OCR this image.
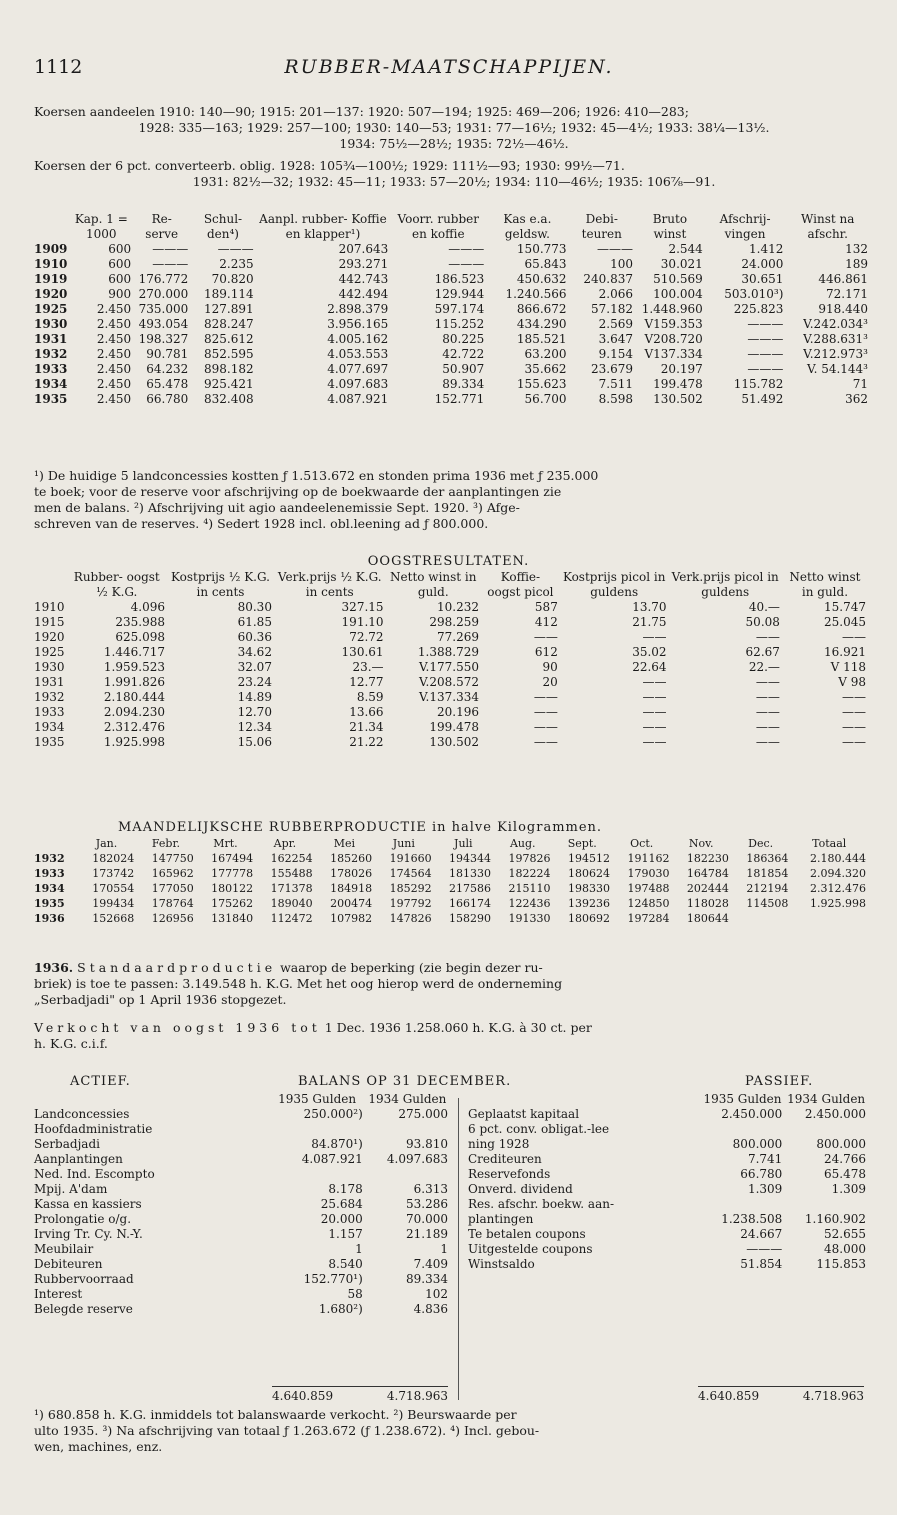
1112	RUBBER-MAATSCHAPPIJEN.

Koersen aandeelen 1910: 140—90; 1915: 201—137: 1920: 507—194; 1925: 469—206; 1926: 410—283;

1928: 335—163; 1929: 257—100; 1930: 140—53; 1931: 77—16½; 1932: 45—4½; 1933: 38¼—13½.

1934: 75½—28½; 1935: 72½—46½.

Koersen der 6 pct. converteerb. oblig. 1928: 105¾—100½; 1929: 111½—93; 1930: 99½—71.

1931: 82½—32; 1932: 45—11; 1933: 57—20½; 1934: 110—46½; 1935: 106⅞—91.

	Kap. 1 = 1000	Re- serve	Schul- den⁴)	Aanpl. rubber- Koffie en klapper¹)	Voorr. rubber en koffie	Kas e.a. geldsw.	Debi- teuren	Bruto winst	Afschrij- vingen	Winst na afschr.
1909	600	———	———	207.643	———	150.773	———	2.544	1.412	132
1910	600	———	2.235	293.271	———	65.843	100	30.021	24.000	189
1919	600	176.772	70.820	442.743	186.523	450.632	240.837	510.569	30.651	446.861
1920	900	270.000	189.114	442.494	129.944	1.240.566	2.066	100.004	503.010³)	72.171
1925	2.450	735.000	127.891	2.898.379	597.174	866.672	57.182	1.448.960	225.823	918.440
1930	2.450	493.054	828.247	3.956.165	115.252	434.290	2.569	V159.353	———	V.242.034³
1931	2.450	198.327	825.612	4.005.162	80.225	185.521	3.647	V208.720	———	V.288.631³
1932	2.450	90.781	852.595	4.053.553	42.722	63.200	9.154	V137.334	———	V.212.973³
1933	2.450	64.232	898.182	4.077.697	50.907	35.662	23.679	20.197	———	V. 54.144³
1934	2.450	65.478	925.421	4.097.683	89.334	155.623	7.511	199.478	115.782	71
1935	2.450	66.780	832.408	4.087.921	152.771	56.700	8.598	130.502	51.492	362

¹) De huidige 5 landconcessies kostten ƒ 1.513.672 en stonden prima 1936 met ƒ 235.000

te boek; voor de reserve voor afschrijving op de boekwaarde der aanplantingen zie

men de balans. ²) Afschrijving uit agio aandeelenemissie Sept. 1920. ³) Afge-

schreven van de reserves. ⁴) Sedert 1928 incl. obl.leening ad ƒ 800.000.

OOGSTRESULTATEN.
	Rubber- oogst ½ K.G.	Kostprijs ½ K.G. in cents	Verk.prijs ½ K.G. in cents	Netto winst in guld.	Koffie- oogst picol	Kostprijs picol in guldens	Verk.prijs picol in guldens	Netto winst in guld.
1910	4.096	80.30	327.15	10.232	587	13.70	40.—	15.747
1915	235.988	61.85	191.10	298.259	412	21.75	50.08	25.045
1920	625.098	60.36	72.72	77.269	——	——	——	——
1925	1.446.717	34.62	130.61	1.388.729	612	35.02	62.67	16.921
1930	1.959.523	32.07	23.—	V.177.550	90	22.64	22.—	V 118
1931	1.991.826	23.24	12.77	V.208.572	20	——	——	V 98
1932	2.180.444	14.89	8.59	V.137.334	——	——	——	——
1933	2.094.230	12.70	13.66	20.196	——	——	——	——
1934	2.312.476	12.34	21.34	199.478	——	——	——	——
1935	1.925.998	15.06	21.22	130.502	——	——	——	——
MAANDELIJKSCHE RUBBERPRODUCTIE in halve Kilogrammen.
	Jan.	Febr.	Mrt.	Apr.	Mei	Juni	Juli	Aug.	Sept.	Oct.	Nov.	Dec.	Totaal
1932	182024	147750	167494	162254	185260	191660	194344	197826	194512	191162	182230	186364	2.180.444
1933	173742	165962	177778	155488	178026	174564	181330	182224	180624	179030	164784	181854	2.094.320
1934	170554	177050	180122	171378	184918	185292	217586	215110	198330	197488	202444	212194	2.312.476
1935	199434	178764	175262	189040	200474	197792	166174	122436	139236	124850	118028	114508	1.925.998
1936	152668	126956	131840	112472	107982	147826	158290	191330	180692	197284	180644		

1936. Standaardproductie waarop de beperking (zie begin dezer ru-

briek) is toe te passen: 3.149.548 h. K.G. Met het oog hierop werd de onderneming

„Serbadjadi" op 1 April 1936 stopgezet.

Verkocht van oogst 1936 tot 1 Dec. 1936 1.258.060 h. K.G. à 30 ct. per

h. K.G. c.i.f.

ACTIEF.	BALANS OP 31 DECEMBER.	PASSIEF.
	1935 Gulden	1934 Gulden
Landconcessies	250.000²)	275.000
Hoofdadministratie		
Serbadjadi	84.870¹)	93.810
Aanplantingen	4.087.921	4.097.683
Ned. Ind. Escompto		
Mpij. A'dam	8.178	6.313
Kassa en kassiers	25.684	53.286
Prolongatie o/g.	20.000	70.000
Irving Tr. Cy. N.-Y.	1.157	21.189
Meubilair	1	1
Debiteuren	8.540	7.409
Rubbervoorraad	152.770¹)	89.334
Interest	58	102
Belegde reserve	1.680²)	4.836
	1935 Gulden	1934 Gulden
Geplaatst kapitaal	2.450.000	2.450.000
6 pct. conv. obligat.-lee		
ning 1928	800.000	800.000
Crediteuren	7.741	24.766
Reservefonds	66.780	65.478
Onverd. dividend	1.309	1.309
Res. afschr. boekw. aan-		
plantingen	1.238.508	1.160.902
Te betalen coupons	24.667	52.655
Uitgestelde coupons	———	48.000
Winstsaldo	51.854	115.853
4.640.859	4.718.963	4.640.859	4.718.963

¹) 680.858 h. K.G. inmiddels tot balanswaarde verkocht. ²) Beurswaarde per

ulto 1935. ³) Na afschrijving van totaal ƒ 1.263.672 (ƒ 1.238.672). ⁴) Incl. gebou-

wen, machines, enz.
